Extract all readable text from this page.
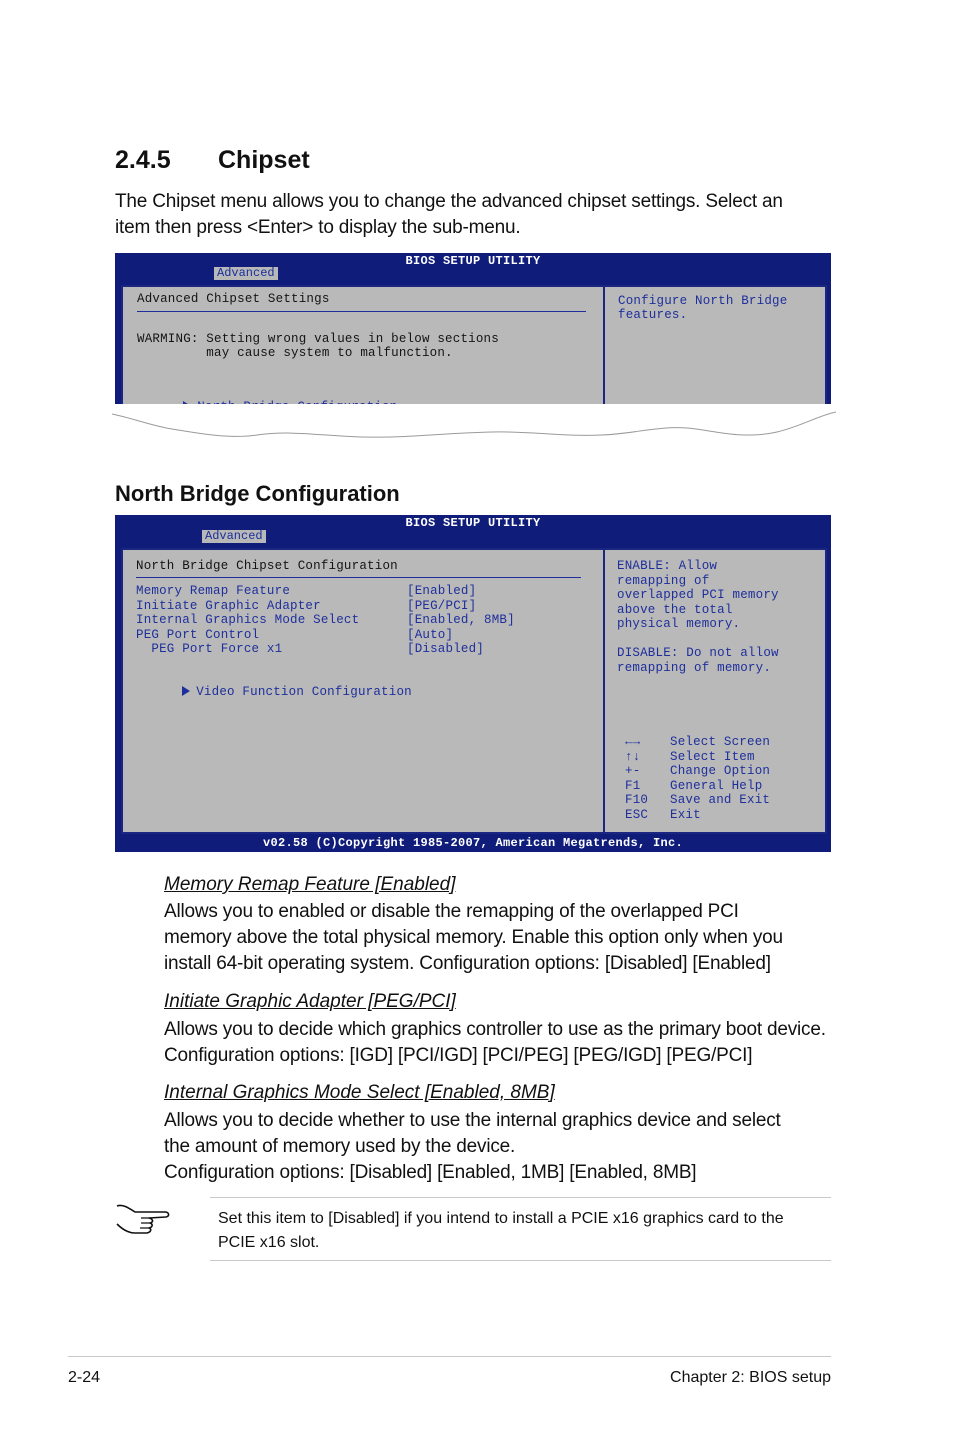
2.4.5 Chipset
The Chipset menu allows you to change the advanced chipset settings. Select an
item then press <Enter> to display the sub-menu.
BIOS SETUP UTILITY
Advanced
Advanced Chipset Settings
WARMING: Setting wrong values in below sections
may cause system to malfunction.

Configure North Bridge
features.
North Bridge Configuration
BIOS SETUP UTILITY
Advanced
North Bridge Chipset Configuration
Memory Remap Feature	[Enabled]
Initiate Graphic Adapter	[PEG/PCI]
Internal Graphics Mode Select	[Enabled, 8MB]
PEG Port Control	[Auto]
PEG Port Force x1	[Disabled]

Video Function Configuration

ENABLE: Allow
remapping of
overlapped PCI memory
above the total
physical memory.
DISABLE: Do not allow
remapping of memory.
←→ Select Screen
↑↓ Select Item
+- Change Option
F1 General Help
F10 Save and Exit
ESC Exit
v02.58 (C)Copyright 1985-2007, American Megatrends, Inc.
Memory Remap Feature [Enabled]
Allows you to enabled or disable the remapping of the overlapped PCI
memory above the total physical memory. Enable this option only when you
install 64-bit operating system. Configuration options: [Disabled] [Enabled]
Initiate Graphic Adapter [PEG/PCI]
Allows you to decide which graphics controller to use as the primary boot device.
Configuration options: [IGD] [PCI/IGD] [PCI/PEG] [PEG/IGD] [PEG/PCI]
Internal Graphics Mode Select [Enabled, 8MB]
Allows you to decide whether to use the internal graphics device and select
the amount of memory used by the device.
Configuration options: [Disabled] [Enabled, 1MB] [Enabled, 8MB]
Set this item to [Disabled] if you intend to install a PCIE x16 graphics card to the
PCIE x16 slot.
2-24	Chapter 2: BIOS setup
